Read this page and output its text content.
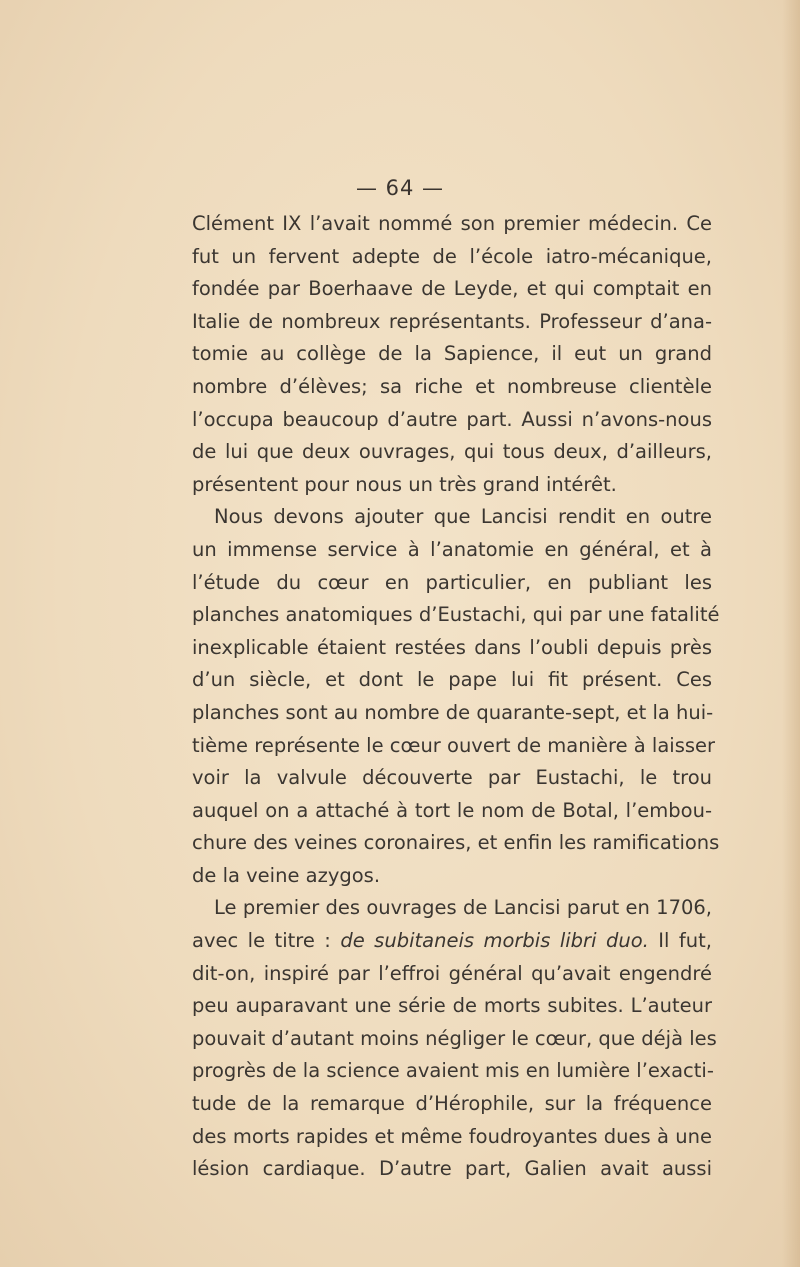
— 64 —
Clément IX l’avait nommé son premier médecin. Ce
fut un fervent adepte de l’école iatro-mécanique,
fondée par Boerhaave de Leyde, et qui comptait en
Italie de nombreux représentants. Professeur d’ana-
tomie au collège de la Sapience, il eut un grand
nombre d’élèves; sa riche et nombreuse clientèle
l’occupa beaucoup d’autre part. Aussi n’avons-nous
de lui que deux ouvrages, qui tous deux, d’ailleurs,
présentent pour nous un très grand intérêt.
Nous devons ajouter que Lancisi rendit en outre
un immense service à l’anatomie en général, et à
l’étude du cœur en particulier, en publiant les
planches anatomiques d’Eustachi, qui par une fatalité
inexplicable étaient restées dans l’oubli depuis près
d’un siècle, et dont le pape lui fit présent. Ces
planches sont au nombre de quarante-sept, et la hui-
tième représente le cœur ouvert de manière à laisser
voir la valvule découverte par Eustachi, le trou
auquel on a attaché à tort le nom de Botal, l’embou-
chure des veines coronaires, et enfin les ramifications
de la veine azygos.
Le premier des ouvrages de Lancisi parut en 1706,
avec le titre : de subitaneis morbis libri duo. Il fut,
dit-on, inspiré par l’effroi général qu’avait engendré
peu auparavant une série de morts subites. L’auteur
pouvait d’autant moins négliger le cœur, que déjà les
progrès de la science avaient mis en lumière l’exacti-
tude de la remarque d’Hérophile, sur la fréquence
des morts rapides et même foudroyantes dues à une
lésion cardiaque. D’autre part, Galien avait aussi
